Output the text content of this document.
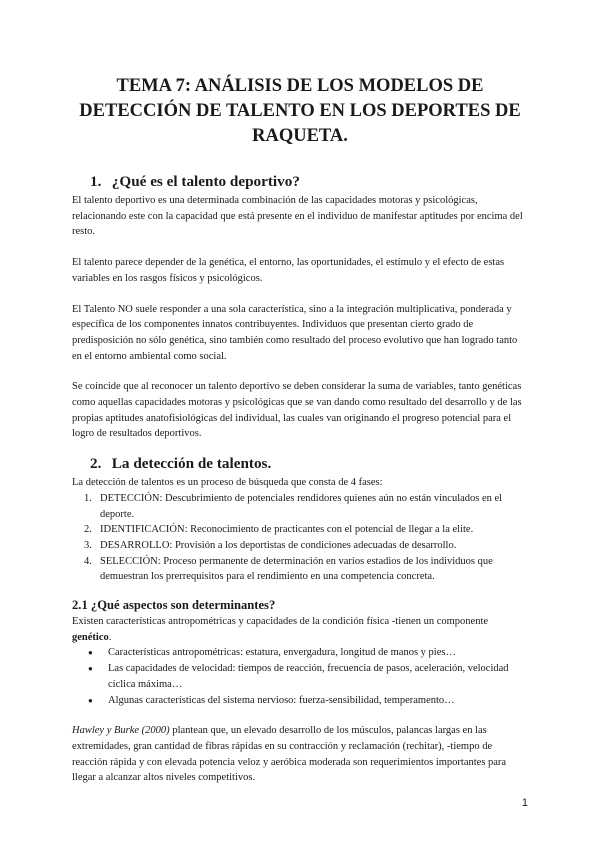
TEMA 7: ANÁLISIS DE LOS MODELOS DE DETECCIÓN DE TALENTO EN LOS DEPORTES DE RAQUETA.
1. ¿Qué es el talento deportivo?

El talento deportivo es una determinada combinación de las capacidades motoras y psicológicas, relacionando este con la capacidad que está presente en el individuo de manifestar aptitudes por encima del resto.

El talento parece depender de la genética, el entorno, las oportunidades, el estímulo y el efecto de estas variables en los rasgos físicos y psicológicos.

El Talento NO suele responder a una sola característica, sino a la integración multiplicativa, ponderada y específica de los componentes innatos contribuyentes. Individuos que presentan cierto grado de predisposición no sólo genética, sino también como resultado del proceso evolutivo que han logrado tanto en el entorno ambiental como social.

Se coincide que al reconocer un talento deportivo se deben considerar la suma de variables, tanto genéticas como aquellas capacidades motoras y psicológicas que se van dando como resultado del desarrollo y de las propias aptitudes anatofisiológicas del individual, las cuales van originando el progreso potencial para el logro de resultados deportivos.

2. La detección de talentos.

La detección de talentos es un proceso de búsqueda que consta de 4 fases:

1. DETECCIÓN: Descubrimiento de potenciales rendidores quienes aún no están vinculados en el deporte.
2. IDENTIFICACIÓN: Reconocimiento de practicantes con el potencial de llegar a la elite.
3. DESARROLLO: Provisión a los deportistas de condiciones adecuadas de desarrollo.
4. SELECCIÓN: Proceso permanente de determinación en varios estadios de los individuos que demuestran los prerrequisitos para el rendimiento en una competencia concreta.
2.1 ¿Qué aspectos son determinantes?

Existen características antropométricas y capacidades de la condición física -tienen un componente genético.

● Características antropométricas: estatura, envergadura, longitud de manos y pies…
● Las capacidades de velocidad: tiempos de reacción, frecuencia de pasos, aceleración, velocidad cíclica máxima…
● Algunas características del sistema nervioso: fuerza-sensibilidad, temperamento…

Hawley y Burke (2000) plantean que, un elevado desarrollo de los músculos, palancas largas en las extremidades, gran cantidad de fibras rápidas en su contracción y reclamación (rechitar), -tiempo de reacción rápida y con elevada potencia veloz y aeróbica moderada son requerimientos importantes para llegar a alcanzar altos niveles competitivos.

1
